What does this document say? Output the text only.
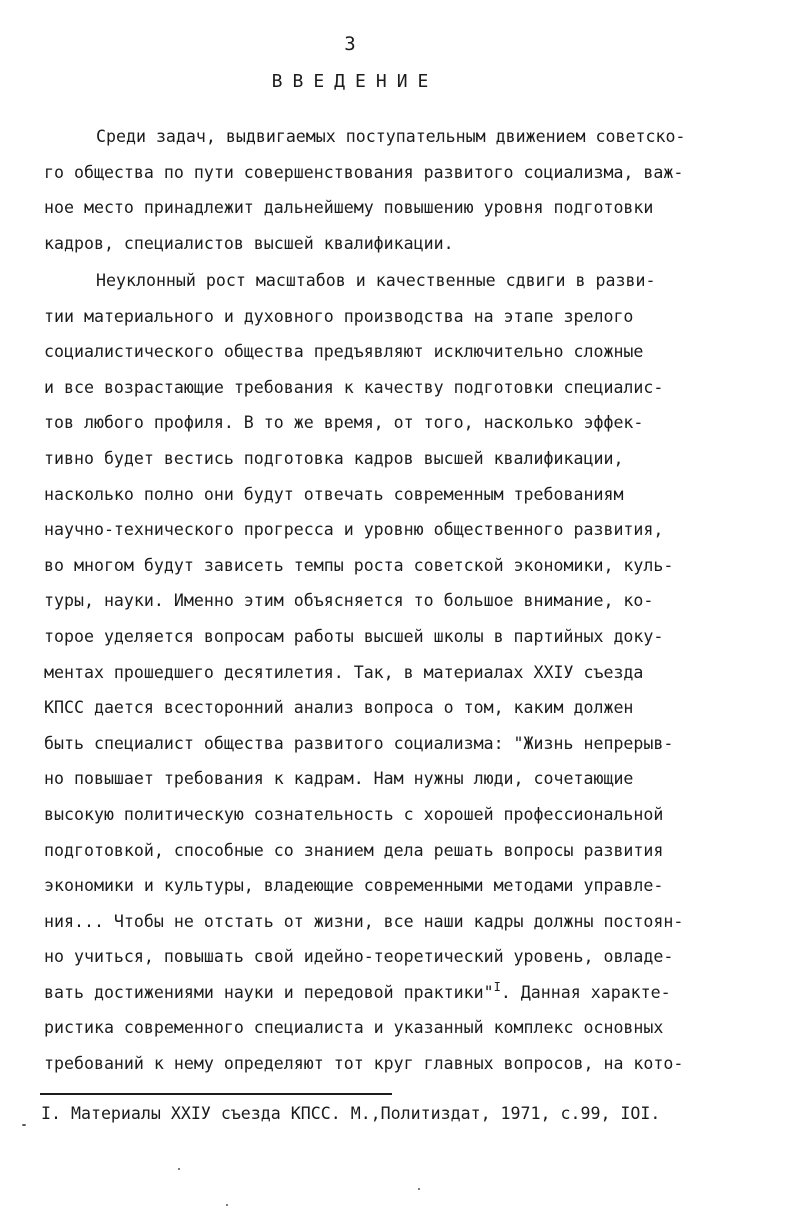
3
В В Е Д Е Н И Е
Среди задач, выдвигаемых поступательным движением советско-
го общества по пути совершенствования развитого социализма, важ-
ное место принадлежит дальнейшему повышению уровня подготовки
кадров, специалистов высшей квалификации.
Неуклонный рост масштабов и качественные сдвиги в разви-
тии материального и духовного производства на этапе зрелого
социалистического общества предъявляют исключительно сложные
и все возрастающие требования к качеству подготовки специалис-
тов любого профиля. В то же время, от того, насколько эффек-
тивно будет вестись подготовка кадров высшей квалификации,
насколько полно они будут отвечать современным требованиям
научно-технического прогресса и уровню общественного развития,
во многом будут зависеть темпы роста советской экономики, куль-
туры, науки. Именно этим объясняется то большое внимание, ко-
торое уделяется вопросам работы высшей школы в партийных доку-
ментах прошедшего десятилетия. Так, в материалах XXIУ съезда
КПСС дается всесторонний анализ вопроса о том, каким должен
быть специалист общества развитого социализма: "Жизнь непрерыв-
но повышает требования к кадрам. Нам нужны люди, сочетающие
высокую политическую сознательность с хорошей профессиональной
подготовкой, способные со знанием дела решать вопросы развития
экономики и культуры, владеющие современными методами управле-
ния... Чтобы не отстать от жизни, все наши кадры должны постоян-
но учиться, повышать свой идейно-теоретический уровень, овладе-
вать достижениями науки и передовой практики"$^I$. Данная характе-
ристика современного специалиста и указанный комплекс основных
требований к нему определяют тот круг главных вопросов, на кото-
I. Материалы XXIУ съезда КПСС. М.,Политиздат, 1971, с.99, IOI.
